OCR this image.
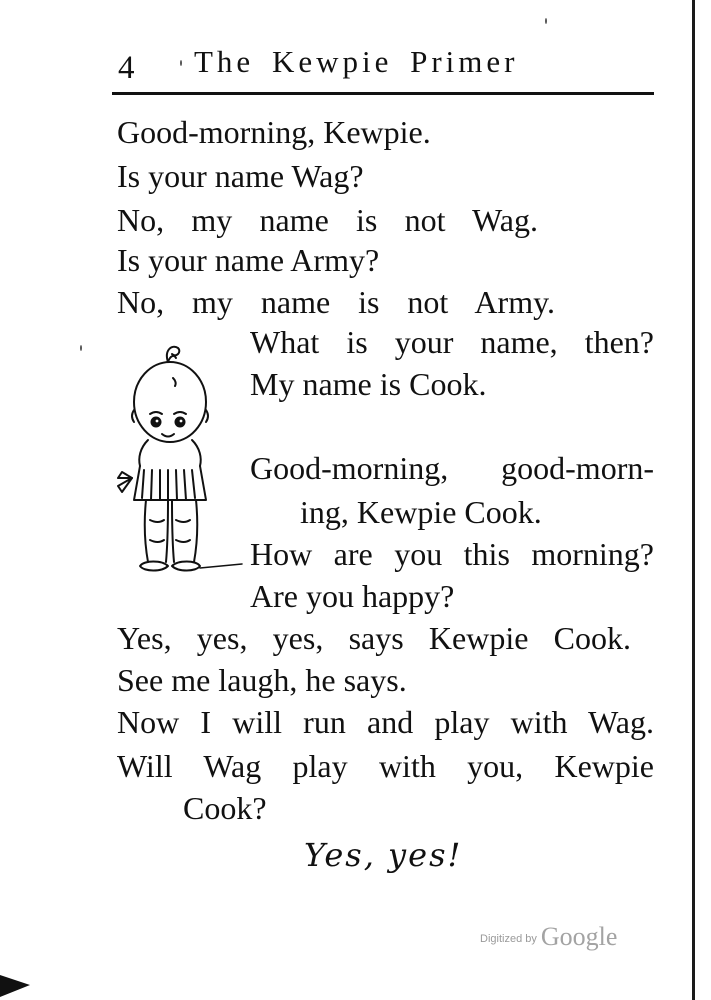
4 The Kewpie Primer
Good-morning, Kewpie.
Is your name Wag?
No, my name is not Wag.
Is your name Army?
No, my name is not Army.
What is your name, then?
My name is Cook.
Good-morning, good-morn-
ing, Kewpie Cook.
How are you this morning?
Are you happy?
Yes, yes, yes, says Kewpie Cook.
See me laugh, he says.
Now I will run and play with Wag.
Will Wag play with you, Kewpie
Cook?
Yes, yes!
Digitized by Google
